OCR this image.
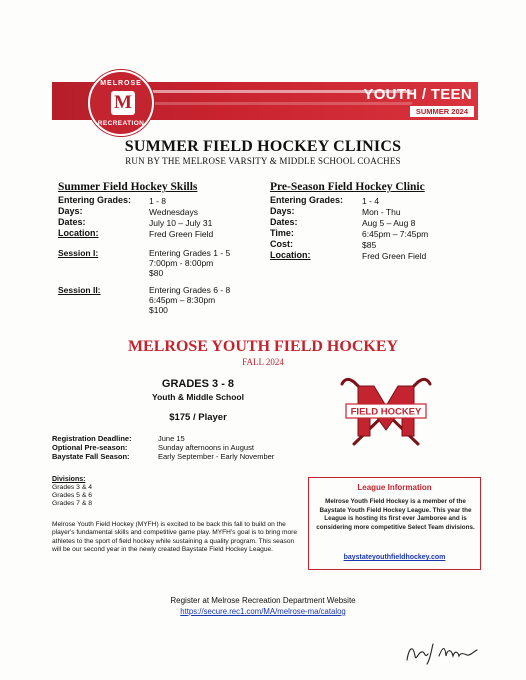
YOUTH / TEEN
SUMMER 2024
MELROSE
M
RECREATION
SUMMER FIELD HOCKEY CLINICS
RUN BY THE MELROSE VARSITY & MIDDLE SCHOOL COACHES
Summer Field Hockey Skills
Entering Grades: 1 - 8
Days:	Wednesdays
Dates:	July 10 – July 31
Location:	Fred Green Field
Session I:	Entering Grades 1 - 5
7:00pm - 8:00pm
$80
Session II:	Entering Grades 6 - 8
6:45pm – 8:30pm
$100
Pre-Season Field Hockey Clinic
Entering Grades: 1 - 4
Days:	Mon - Thu
Dates:	Aug 5 – Aug 8
Time:	6:45pm – 7:45pm
Cost:	$85
Location:	Fred Green Field
MELROSE YOUTH FIELD HOCKEY
FALL 2024
GRADES 3 - 8
Youth & Middle School
$175 / Player	FIELD HOCKEY
Registration Deadline:	June 15
Optional Pre-season:	Sunday afternoons in August
Baystate Fall Season:	Early September - Early November
Divisions:
Grades 3 & 4
Grades 5 & 6
Grades 7 & 8
Melrose Youth Field Hockey (MYFH) is excited to be back this fall to build on the player's fundamental skills and competitive game play. MYFH's goal is to bring more athletes to the sport of field hockey while sustaining a quality program. This season will be our second year in the newly created Baystate Field Hockey League.
League Information
Melrose Youth Field Hockey is a member of the Baystate Youth Field Hockey League. This year the League is hosting its first ever Jamboree and is considering more competitive Select Team divisions.
baystateyouthfieldhockey.com
Register at Melrose Recreation Department Website
https://secure.rec1.com/MA/melrose-ma/catalog
